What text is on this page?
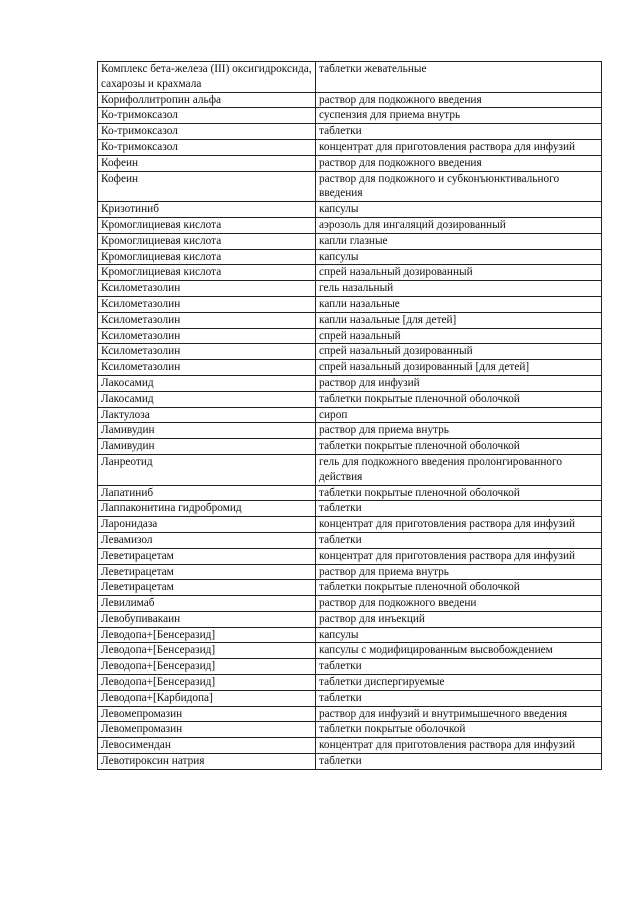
Комплекс бета-железа (III) оксигидроксида, сахарозы и крахмала	таблетки жевательные
Корифоллитропин альфа	раствор для подкожного введения
Ко-тримоксазол	суспензия для приема внутрь
Ко-тримоксазол	таблетки
Ко-тримоксазол	концентрат для приготовления раствора для инфузий
Кофеин	раствор для подкожного введения
Кофеин	раствор для подкожного и субконъюнктивального введения
Кризотиниб	капсулы
Кромоглициевая кислота	аэрозоль для ингаляций дозированный
Кромоглициевая кислота	капли глазные
Кромоглициевая кислота	капсулы
Кромоглициевая кислота	спрей назальный дозированный
Ксилометазолин	гель назальный
Ксилометазолин	капли назальные
Ксилометазолин	капли назальные [для детей]
Ксилометазолин	спрей назальный
Ксилометазолин	спрей назальный дозированный
Ксилометазолин	спрей назальный дозированный [для детей]
Лакосамид	раствор для инфузий
Лакосамид	таблетки покрытые пленочной оболочкой
Лактулоза	сироп
Ламивудин	раствор для приема внутрь
Ламивудин	таблетки покрытые пленочной оболочкой
Ланреотид	гель для подкожного введения пролонгированного действия
Лапатиниб	таблетки покрытые пленочной оболочкой
Лаппаконитина гидробромид	таблетки
Ларонидаза	концентрат для приготовления раствора для инфузий
Левамизол	таблетки
Леветирацетам	концентрат для приготовления раствора для инфузий
Леветирацетам	раствор для приема внутрь
Леветирацетам	таблетки покрытые пленочной оболочкой
Левилимаб	раствор для подкожного введени
Левобупивакаин	раствор для инъекций
Леводопа+[Бенсеразид]	капсулы
Леводопа+[Бенсеразид]	капсулы с модифицированным высвобождением
Леводопа+[Бенсеразид]	таблетки
Леводопа+[Бенсеразид]	таблетки диспергируемые
Леводопа+[Карбидопа]	таблетки
Левомепромазин	раствор для инфузий и внутримышечного введения
Левомепромазин	таблетки покрытые оболочкой
Левосимендан	концентрат для приготовления раствора для инфузий
Левотироксин натрия	таблетки
